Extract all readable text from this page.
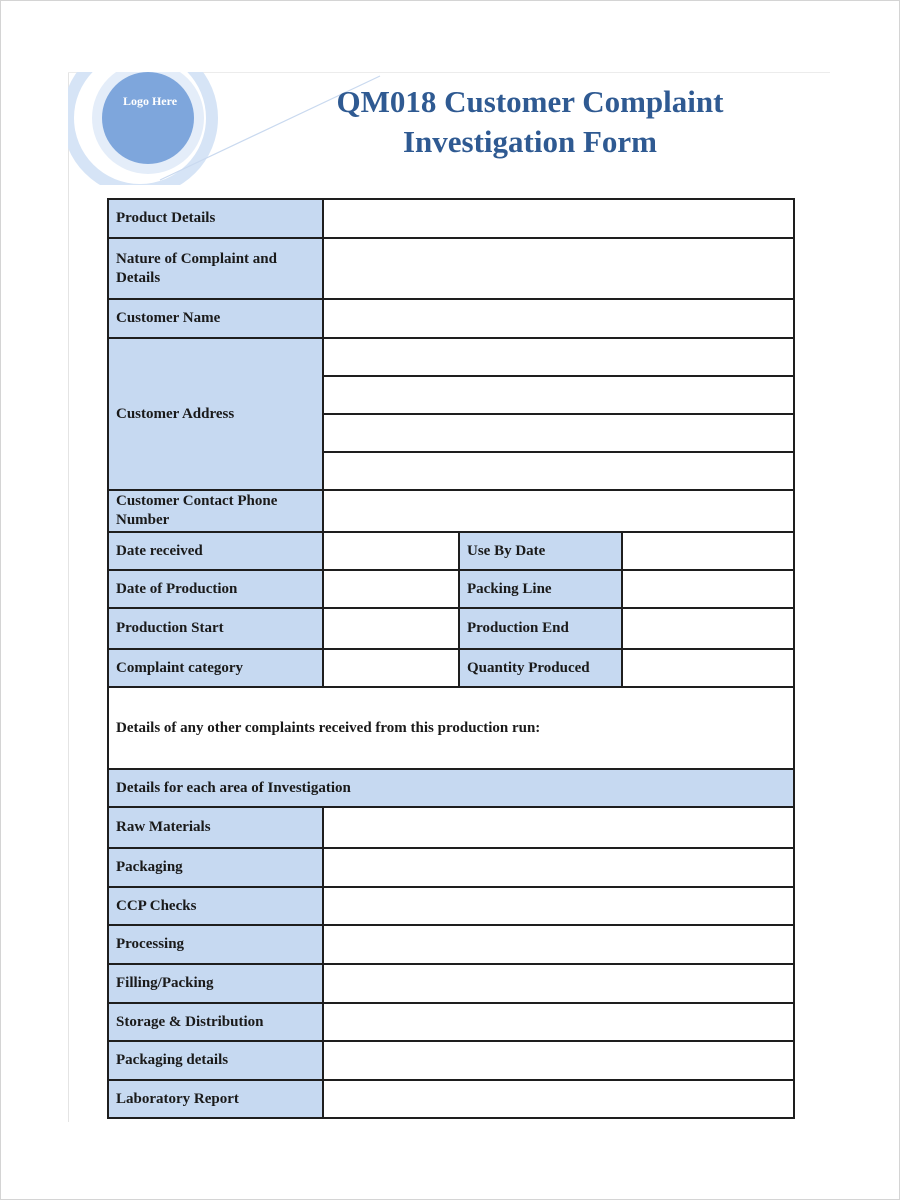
Logo Here	QM018 Customer Complaint
Investigation Form
Product Details			
Nature of Complaint and Details			
Customer Name			
Customer Address			

Customer Contact Phone Number			
Date received		Use By Date	
Date of Production		Packing Line	
Production Start		Production End	
Complaint category		Quantity Produced	
Details of any other complaints received from this production run:			
Details for each area of Investigation			
Raw Materials			
Packaging			
CCP Checks			
Processing			
Filling/Packing			
Storage & Distribution			
Packaging details			
Laboratory Report			
